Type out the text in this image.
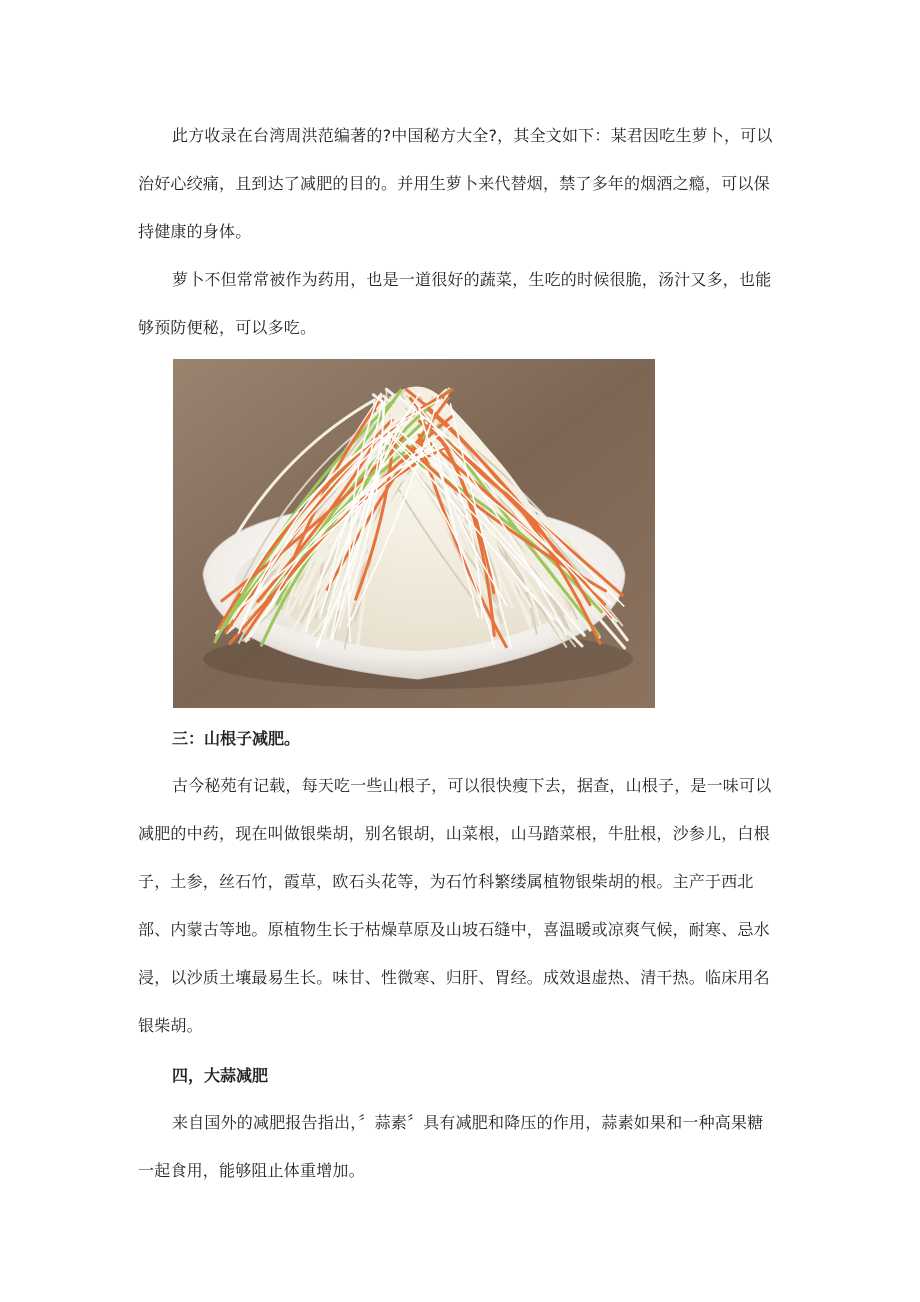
此方收录在台湾周洪范编著的?中国秘方大全?，其全文如下：某君因吃生萝卜，可以治好心绞痛，且到达了减肥的目的。并用生萝卜来代替烟，禁了多年的烟酒之瘾，可以保持健康的身体。

萝卜不但常常被作为药用，也是一道很好的蔬菜，生吃的时候很脆，汤汁又多，也能够预防便秘，可以多吃。

三：山根子减肥。

古今秘苑有记载，每天吃一些山根子，可以很快瘦下去，据查，山根子，是一味可以减肥的中药，现在叫做银柴胡，别名银胡，山菜根，山马踏菜根，牛肚根，沙参儿，白根子，土参，丝石竹，霞草，欧石头花等，为石竹科繁缕属植物银柴胡的根。主产于西北部、内蒙古等地。原植物生长于枯燥草原及山坡石缝中，喜温暖或凉爽气候，耐寒、忌水浸，以沙质土壤最易生长。味甘、性微寒、归肝、胃经。成效退虚热、清干热。临床用名银柴胡。

四，大蒜减肥

来自国外的减肥报告指出，〞蒜素〞具有减肥和降压的作用，蒜素如果和一种高果糖一起食用，能够阻止体重增加。
